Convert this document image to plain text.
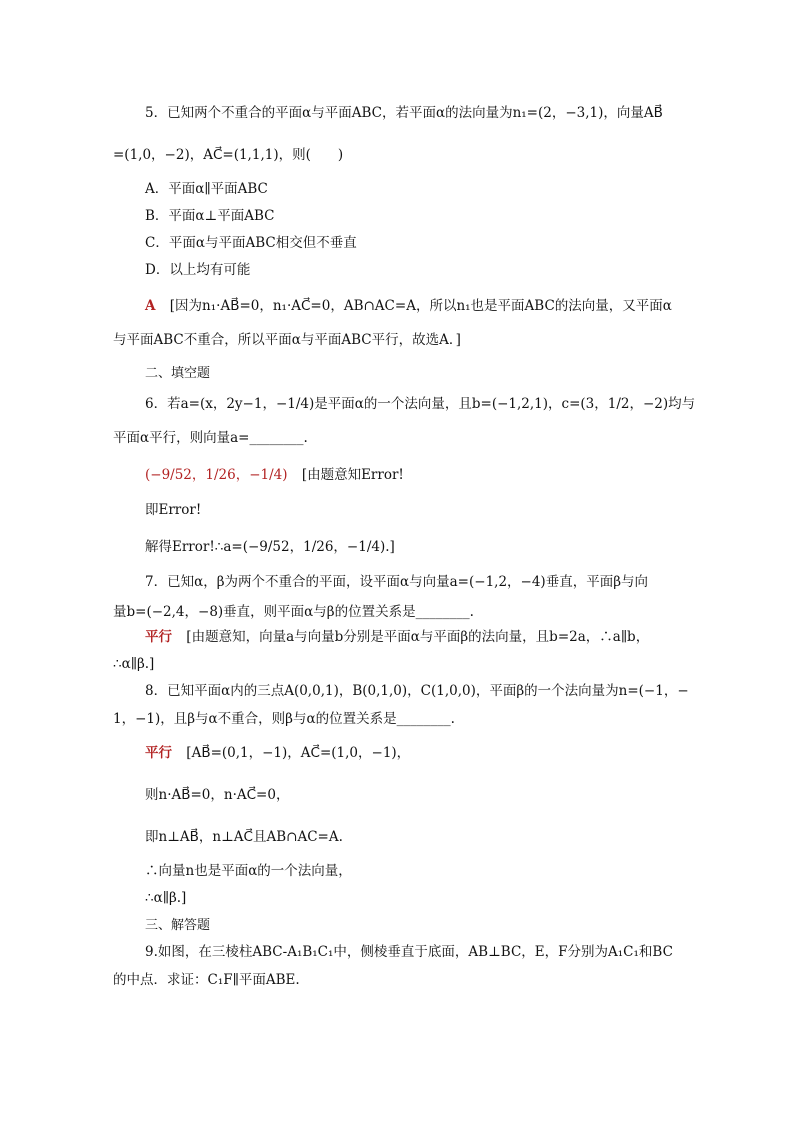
5．已知两个不重合的平面α与平面ABC，若平面α的法向量为n₁=(2，−3,1)，向量AB⃗
=(1,0，−2)，AC⃗=(1,1,1)，则(　　)
A．平面α∥平面ABC
B．平面α⊥平面ABC
C．平面α与平面ABC相交但不垂直
D．以上均有可能
A [因为n₁·AB⃗=0，n₁·AC⃗=0，AB∩AC=A，所以n₁也是平面ABC的法向量，又平面α
与平面ABC不重合，所以平面α与平面ABC平行，故选A．]
二、填空题
6．若a=(x，2y−1，−1/4)是平面α的一个法向量，且b=(−1,2,1)，c=(3，1/2，−2)均与
平面α平行，则向量a=________.
(−9/52，1/26，−1/4) [由题意知Error!
即Error!
解得Error!∴a=(−9/52，1/26，−1/4).]
7．已知α，β为两个不重合的平面，设平面α与向量a=(−1,2，−4)垂直，平面β与向
量b=(−2,4，−8)垂直，则平面α与β的位置关系是________.
平行 [由题意知，向量a与向量b分别是平面α与平面β的法向量，且b=2a，∴a∥b，
∴α∥β.]
8．已知平面α内的三点A(0,0,1)，B(0,1,0)，C(1,0,0)，平面β的一个法向量为n=(−1，−
1，−1)，且β与α不重合，则β与α的位置关系是________.
平行 [AB⃗=(0,1，−1)，AC⃗=(1,0，−1)，
则n·AB⃗=0，n·AC⃗=0，
即n⊥AB⃗，n⊥AC⃗且AB∩AC=A.
∴向量n也是平面α的一个法向量，
∴α∥β.]
三、解答题
9.如图，在三棱柱ABC-A₁B₁C₁中，侧棱垂直于底面，AB⊥BC，E，F分别为A₁C₁和BC
的中点．求证：C₁F∥平面ABE.
